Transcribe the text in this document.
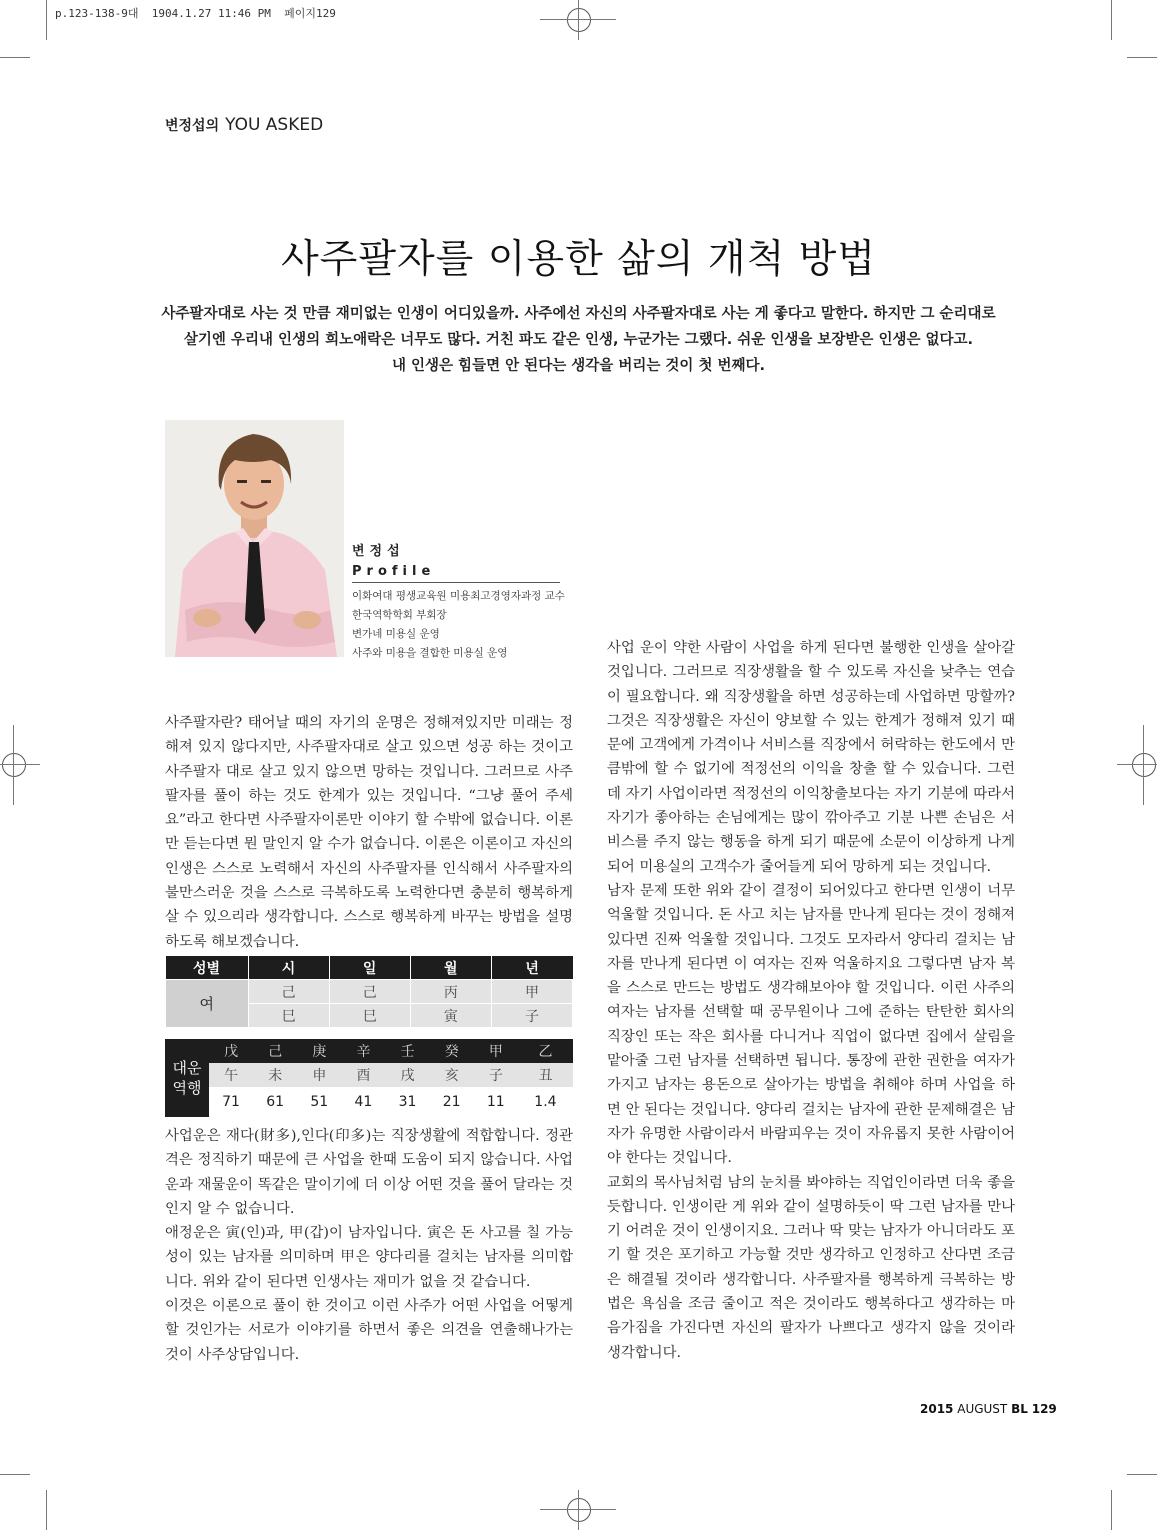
p.123-138-9대  1904.1.27 11:46 PM  페이지129
변정섭의 YOU ASKED
사주팔자를 이용한 삶의 개척 방법
사주팔자대로 사는 것 만큼 재미없는 인생이 어디있을까. 사주에선 자신의 사주팔자대로 사는 게 좋다고 말한다. 하지만 그 순리대로
살기엔 우리내 인생의 희노애락은 너무도 많다. 거친 파도 같은 인생, 누군가는 그랬다. 쉬운 인생을 보장받은 인생은 없다고.
내 인생은 힘들면 안 된다는 생각을 버리는 것이 첫 번째다.
변정섭
Profile
이화여대 평생교육원 미용최고경영자과정 교수
한국역학학회 부회장
변가네 미용실 운영
사주와 미용을 결합한 미용실 운영

사주팔자란? 태어날 때의 자기의 운명은 정해져있지만 미래는 정해져 있지 않다지만, 사주팔자대로 살고 있으면 성공 하는 것이고 사주팔자 대로 살고 있지 않으면 망하는 것입니다. 그러므로 사주팔자를 풀이 하는 것도 한계가 있는 것입니다. “그냥 풀어 주세요”라고 한다면 사주팔자이론만 이야기 할 수밖에 없습니다. 이론만 듣는다면 뭔 말인지 알 수가 없습니다. 이론은 이론이고 자신의 인생은 스스로 노력해서 자신의 사주팔자를 인식해서 사주팔자의 불만스러운 것을 스스로 극복하도록 노력한다면 충분히 행복하게 살 수 있으리라 생각합니다. 스스로 행복하게 바꾸는 방법을 설명하도록 해보겠습니다.

성별	시	일	월	년
여	己	己	丙	甲
	巳	巳	寅	子
대운
역행	戊	己	庚	辛	壬	癸	甲	乙
	午	未	申	酉	戌	亥	子	丑
	71	61	51	41	31	21	11	1.4

사업운은 재다(財多),인다(印多)는 직장생활에 적합합니다. 정관격은 정직하기 때문에 큰 사업을 한때 도움이 되지 않습니다. 사업운과 재물운이 똑같은 말이기에 더 이상 어떤 것을 풀어 달라는 것인지 알 수 없습니다.

애정운은 寅(인)과, 甲(갑)이 남자입니다. 寅은 돈 사고를 칠 가능성이 있는 남자를 의미하며 甲은 양다리를 걸치는 남자를 의미합니다. 위와 같이 된다면 인생사는 재미가 없을 것 같습니다.

이것은 이론으로 풀이 한 것이고 이런 사주가 어떤 사업을 어떻게 할 것인가는 서로가 이야기를 하면서 좋은 의견을 연출해나가는 것이 사주상담입니다.

사업 운이 약한 사람이 사업을 하게 된다면 불행한 인생을 살아갈 것입니다. 그러므로 직장생활을 할 수 있도록 자신을 낮추는 연습이 필요합니다. 왜 직장생활을 하면 성공하는데 사업하면 망할까? 그것은 직장생활은 자신이 양보할 수 있는 한계가 정해져 있기 때문에 고객에게 가격이나 서비스를 직장에서 허락하는 한도에서 만큼밖에 할 수 없기에 적정선의 이익을 창출 할 수 있습니다. 그런데 자기 사업이라면 적정선의 이익창출보다는 자기 기분에 따라서 자기가 좋아하는 손님에게는 많이 깎아주고 기분 나쁜 손님은 서비스를 주지 않는 행동을 하게 되기 때문에 소문이 이상하게 나게 되어 미용실의 고객수가 줄어들게 되어 망하게 되는 것입니다.

남자 문제 또한 위와 같이 결정이 되어있다고 한다면 인생이 너무 억울할 것입니다. 돈 사고 치는 남자를 만나게 된다는 것이 정해져 있다면 진짜 억울할 것입니다. 그것도 모자라서 양다리 걸치는 남자를 만나게 된다면 이 여자는 진짜 억울하지요 그렇다면 남자 복을 스스로 만드는 방법도 생각해보아야 할 것입니다. 이런 사주의 여자는 남자를 선택할 때 공무원이나 그에 준하는 탄탄한 회사의 직장인 또는 작은 회사를 다니거나 직업이 없다면 집에서 살림을 맡아줄 그런 남자를 선택하면 됩니다. 통장에 관한 권한을 여자가 가지고 남자는 용돈으로 살아가는 방법을 취해야 하며 사업을 하면 안 된다는 것입니다. 양다리 걸치는 남자에 관한 문제해결은 남자가 유명한 사람이라서 바람피우는 것이 자유롭지 못한 사람이어야 한다는 것입니다.

교회의 목사님처럼 남의 눈치를 봐야하는 직업인이라면 더욱 좋을 듯합니다. 인생이란 게 위와 같이 설명하듯이 딱 그런 남자를 만나기 어려운 것이 인생이지요. 그러나 딱 맞는 남자가 아니더라도 포기 할 것은 포기하고 가능할 것만 생각하고 인정하고 산다면 조금은 해결될 것이라 생각합니다. 사주팔자를 행복하게 극복하는 방법은 욕심을 조금 줄이고 적은 것이라도 행복하다고 생각하는 마음가짐을 가진다면 자신의 팔자가 나쁘다고 생각지 않을 것이라 생각합니다.

2015 AUGUST BL 129
